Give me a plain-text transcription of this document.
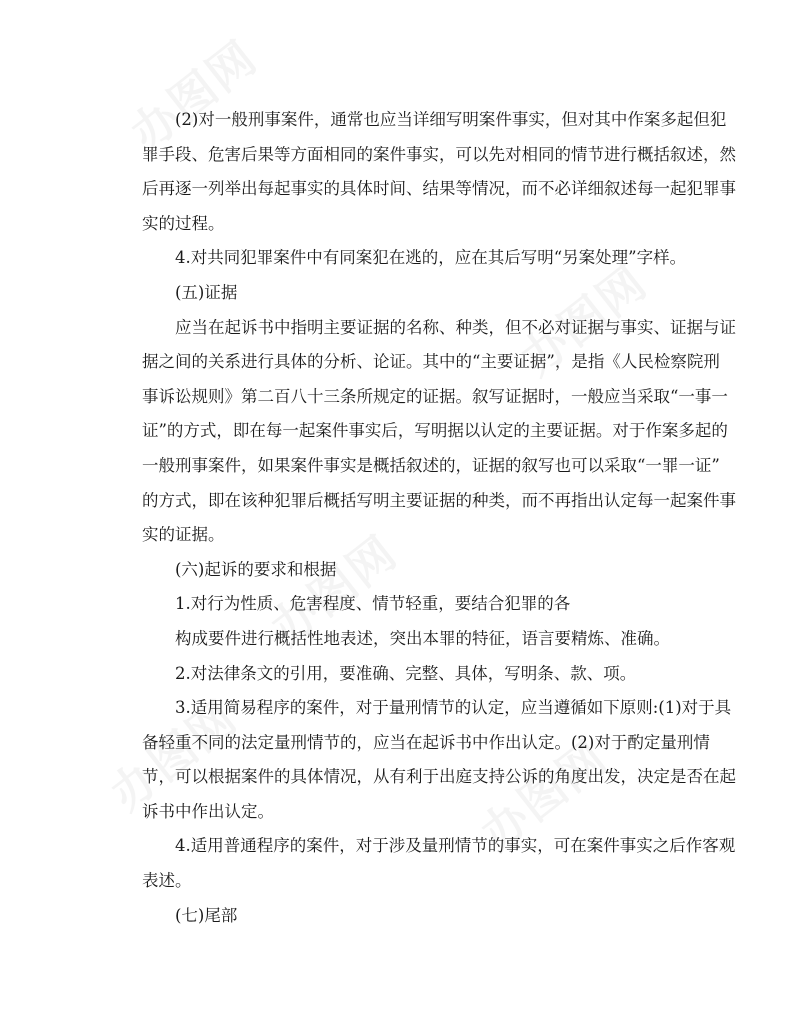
(2)对一般刑事案件，通常也应当详细写明案件事实，但对其中作案多起但犯

罪手段、危害后果等方面相同的案件事实，可以先对相同的情节进行概括叙述，然

后再逐一列举出每起事实的具体时间、结果等情况，而不必详细叙述每一起犯罪事

实的过程。

4.对共同犯罪案件中有同案犯在逃的，应在其后写明“另案处理”字样。

(五)证据

应当在起诉书中指明主要证据的名称、种类，但不必对证据与事实、证据与证

据之间的关系进行具体的分析、论证。其中的“主要证据”，是指《人民检察院刑

事诉讼规则》第二百八十三条所规定的证据。叙写证据时，一般应当采取“一事一

证”的方式，即在每一起案件事实后，写明据以认定的主要证据。对于作案多起的

一般刑事案件，如果案件事实是概括叙述的，证据的叙写也可以采取“一罪一证”

的方式，即在该种犯罪后概括写明主要证据的种类，而不再指出认定每一起案件事

实的证据。

(六)起诉的要求和根据

1.对行为性质、危害程度、情节轻重，要结合犯罪的各

构成要件进行概括性地表述，突出本罪的特征，语言要精炼、准确。

2.对法律条文的引用，要准确、完整、具体，写明条、款、项。

3.适用简易程序的案件，对于量刑情节的认定，应当遵循如下原则:(1)对于具

备轻重不同的法定量刑情节的，应当在起诉书中作出认定。(2)对于酌定量刑情

节，可以根据案件的具体情况，从有利于出庭支持公诉的角度出发，决定是否在起

诉书中作出认定。

4.适用普通程序的案件，对于涉及量刑情节的事实，可在案件事实之后作客观

表述。

(七)尾部
